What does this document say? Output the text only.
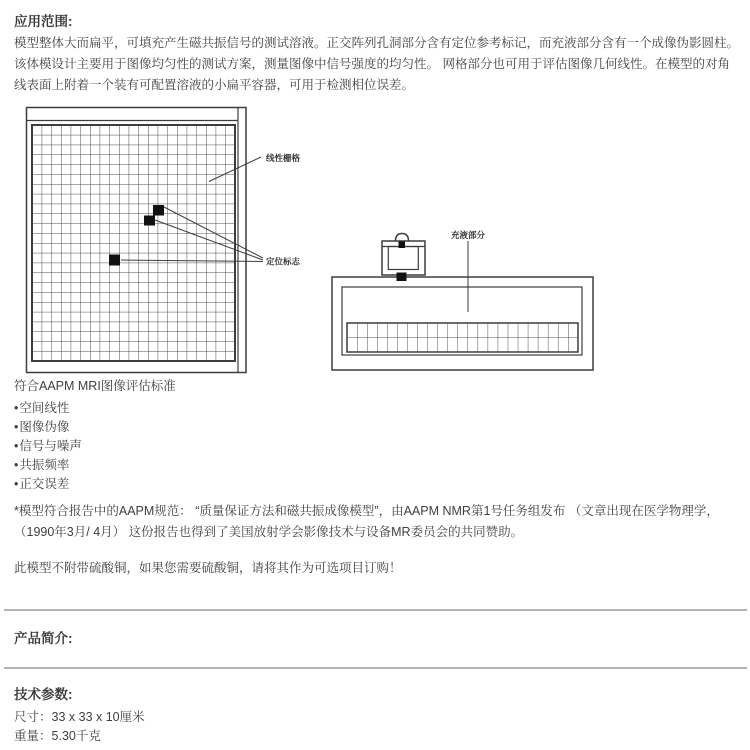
应用范围:

模型整体大而扁平，可填充产生磁共振信号的测试溶液。正交阵列孔洞部分含有定位参考标记，而充液部分含有一个成像伪影圆柱。

该体模设计主要用于图像均匀性的测试方案，测量图像中信号强度的均匀性。 网格部分也可用于评估图像几何线性。在模型的对角线表面上附着一个装有可配置溶液的小扁平容器，可用于检测相位误差。

线性栅格
定位标志
充液部分
符合AAPM MRI图像评估标准
• 空间线性
• 图像伪像
• 信号与噪声
• 共振频率
• 正交误差

*模型符合报告中的AAPM规范： “质量保证方法和磁共振成像模型”，由AAPM NMR第1号任务组发布 （文章出现在医学物理学， （1990年3月/ 4月） 这份报告也得到了美国放射学会影像技术与设备MR委员会的共同赞助。

此模型不附带硫酸铜，如果您需要硫酸铜，请将其作为可选项目订购！

产品简介:
技术参数:
尺寸：33 x 33 x 10厘米
重量：5.30千克
